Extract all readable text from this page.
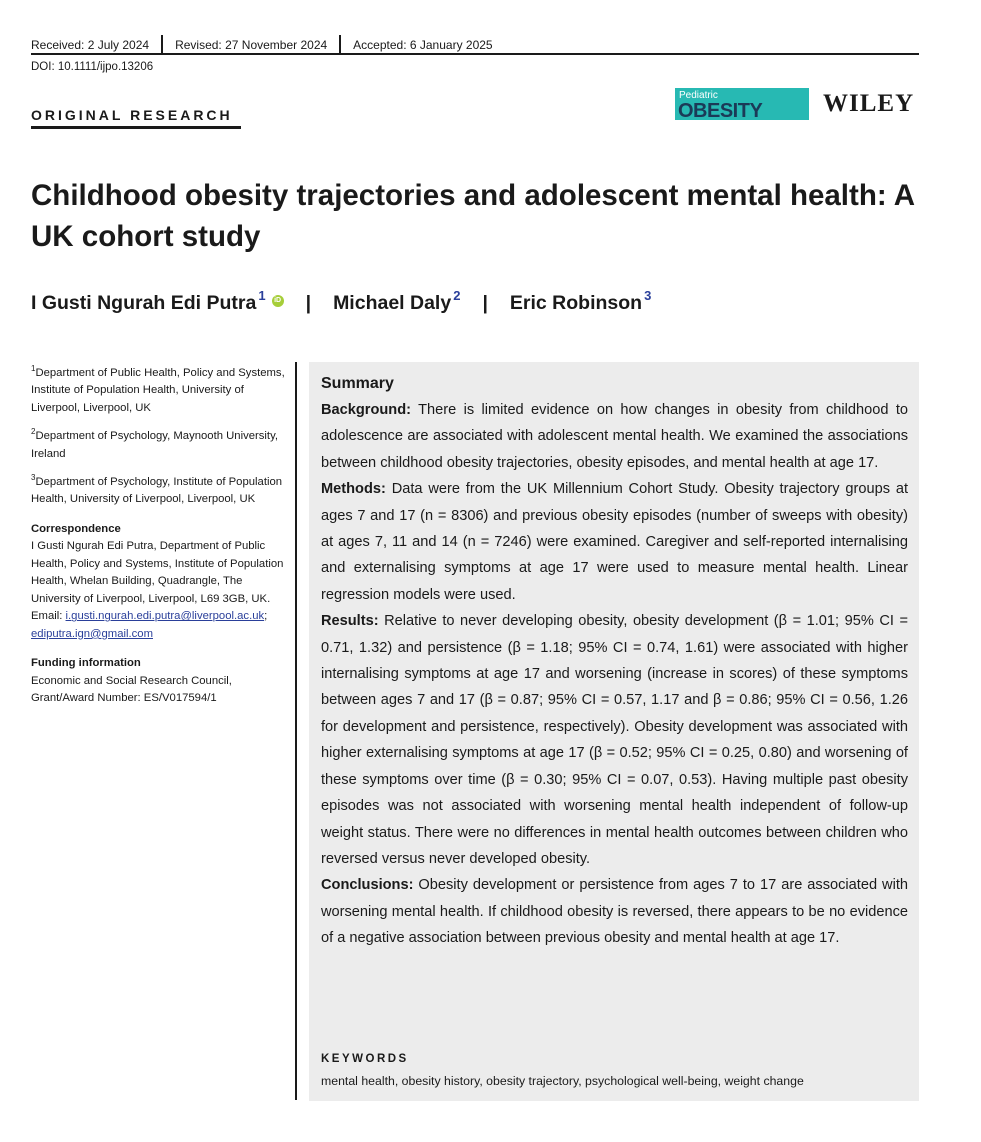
Received: 2 July 2024 Revised: 27 November 2024 Accepted: 6 January 2025
DOI: 10.1111/ijpo.13206
ORIGINAL RESEARCH
Pediatric
OBESITY WILEY
Childhood obesity trajectories and adolescent mental health: A UK cohort study
I Gusti Ngurah Edi Putra$^1$	iD | Michael Daly$^2$ | Eric Robinson$^3$

$^1$Department of Public Health, Policy and Systems, Institute of Population Health, University of Liverpool, Liverpool, UK

$^2$Department of Psychology, Maynooth University, Ireland

$^3$Department of Psychology, Institute of Population Health, University of Liverpool, Liverpool, UK

Correspondence

I Gusti Ngurah Edi Putra, Department of Public Health, Policy and Systems, Institute of Population Health, Whelan Building, Quadrangle, The University of Liverpool, Liverpool, L69 3GB, UK.
Email: i.gusti.ngurah.edi.putra@liverpool.ac.uk;
edipu​tra.ign@gmail.com

Funding information

Economic and Social Research Council, Grant/Award Number: ES/V017594/1

Summary

Background: There is limited evidence on how changes in obesity from childhood to adolescence are associated with adolescent mental health. We examined the associations between childhood obesity trajectories, obesity episodes, and mental health at age 17.

Methods: Data were from the UK Millennium Cohort Study. Obesity trajectory groups at ages 7 and 17 (n = 8306) and previous obesity episodes (number of sweeps with obesity) at ages 7, 11 and 14 (n = 7246) were examined. Caregiver and self-reported internalising and externalising symptoms at age 17 were used to measure mental health. Linear regression models were used.

Results: Relative to never developing obesity, obesity development (β = 1.01; 95% CI = 0.71, 1.32) and persistence (β = 1.18; 95% CI = 0.74, 1.61) were associated with higher internalising symptoms at age 17 and worsening (increase in scores) of these symptoms between ages 7 and 17 (β = 0.87; 95% CI = 0.57, 1.17 and β = 0.86; 95% CI = 0.56, 1.26 for development and persistence, respectively). Obesity development was associated with higher externalising symptoms at age 17 (β = 0.52; 95% CI = 0.25, 0.80) and worsening of these symptoms over time (β = 0.30; 95% CI = 0.07, 0.53). Having multiple past obesity episodes was not associated with worsening mental health independent of follow-up weight status. There were no differences in mental health outcomes between children who reversed versus never developed obesity.

Conclusions: Obesity development or persistence from ages 7 to 17 are associated with worsening mental health. If childhood obesity is reversed, there appears to be no evidence of a negative association between previous obesity and mental health at age 17.

KEYWORDS
mental health, obesity history, obesity trajectory, psychological well-being, weight change
